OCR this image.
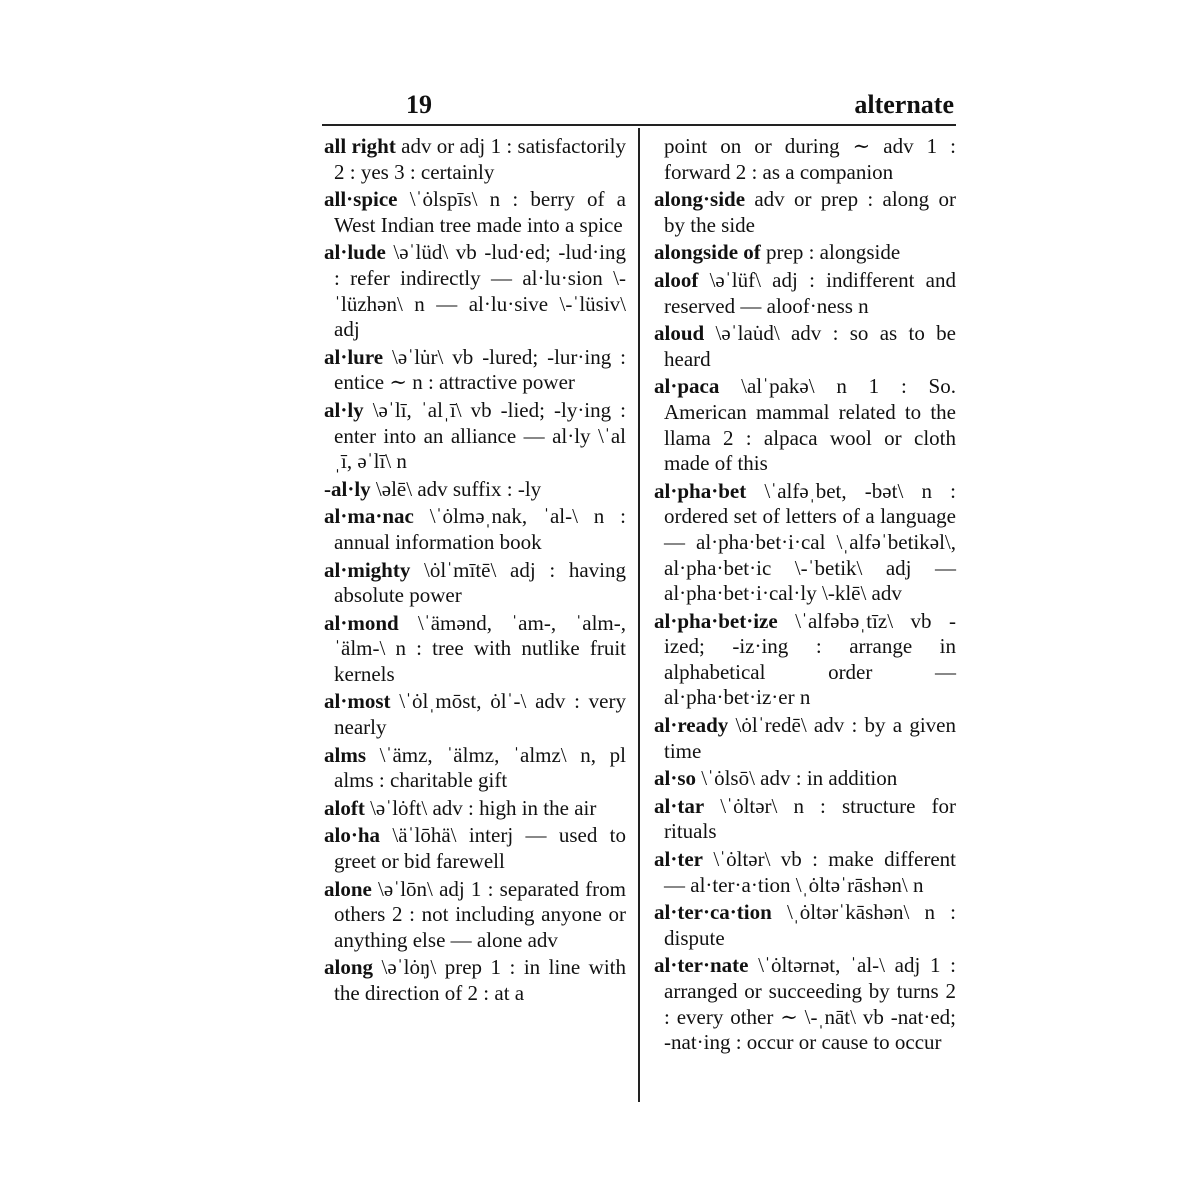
19	alternate
all right adv or adj 1 : satisfactorily 2 : yes 3 : certainly
all·spice \ˈȯlspīs\ n : berry of a West Indian tree made into a spice
al·lude \əˈlüd\ vb -lud·ed; -lud·ing : refer indirectly — al·lu·sion \-ˈlüzhən\ n — al·lu·sive \-ˈlüsiv\ adj
al·lure \əˈlu̇r\ vb -lured; -lur·ing : entice ∼ n : attractive power
al·ly \əˈlī, ˈalˌī\ vb -lied; -ly·ing : enter into an alliance — al·ly \ˈalˌī, əˈlī\ n
-al·ly \əlē\ adv suffix : -ly
al·ma·nac \ˈȯlməˌnak, ˈal-\ n : annual information book
al·mighty \ȯlˈmītē\ adj : having absolute power
al·mond \ˈämənd, ˈam-, ˈalm-, ˈälm-\ n : tree with nutlike fruit kernels
al·most \ˈȯlˌmōst, ȯlˈ-\ adv : very nearly
alms \ˈämz, ˈälmz, ˈalmz\ n, pl alms : charitable gift
aloft \əˈlȯft\ adv : high in the air
alo·ha \äˈlōhä\ interj — used to greet or bid farewell
alone \əˈlōn\ adj 1 : separated from others 2 : not including anyone or anything else — alone adv
along \əˈlȯŋ\ prep 1 : in line with the direction of 2 : at a
point on or during ∼ adv 1 : forward 2 : as a companion
along·side adv or prep : along or by the side
alongside of prep : alongside
aloof \əˈlüf\ adj : indifferent and reserved — aloof·ness n
aloud \əˈlau̇d\ adv : so as to be heard
al·paca \alˈpakə\ n 1 : So. American mammal related to the llama 2 : alpaca wool or cloth made of this
al·pha·bet \ˈalfəˌbet, -bət\ n : ordered set of letters of a language — al·pha·bet·i·cal \ˌalfəˈbetikəl\, al·pha·bet·ic \-ˈbetik\ adj — al·pha·bet·i·cal·ly \-klē\ adv
al·pha·bet·ize \ˈalfəbəˌtīz\ vb -ized; -iz·ing : arrange in alphabetical order — al·pha·bet·iz·er n
al·ready \ȯlˈredē\ adv : by a given time
al·so \ˈȯlsō\ adv : in addition
al·tar \ˈȯltər\ n : structure for rituals
al·ter \ˈȯltər\ vb : make different — al·ter·a·tion \ˌȯltəˈrāshən\ n
al·ter·ca·tion \ˌȯltərˈkāshən\ n : dispute
al·ter·nate \ˈȯltərnət, ˈal-\ adj 1 : arranged or succeeding by turns 2 : every other ∼ \-ˌnāt\ vb -nat·ed; -nat·ing : occur or cause to occur
